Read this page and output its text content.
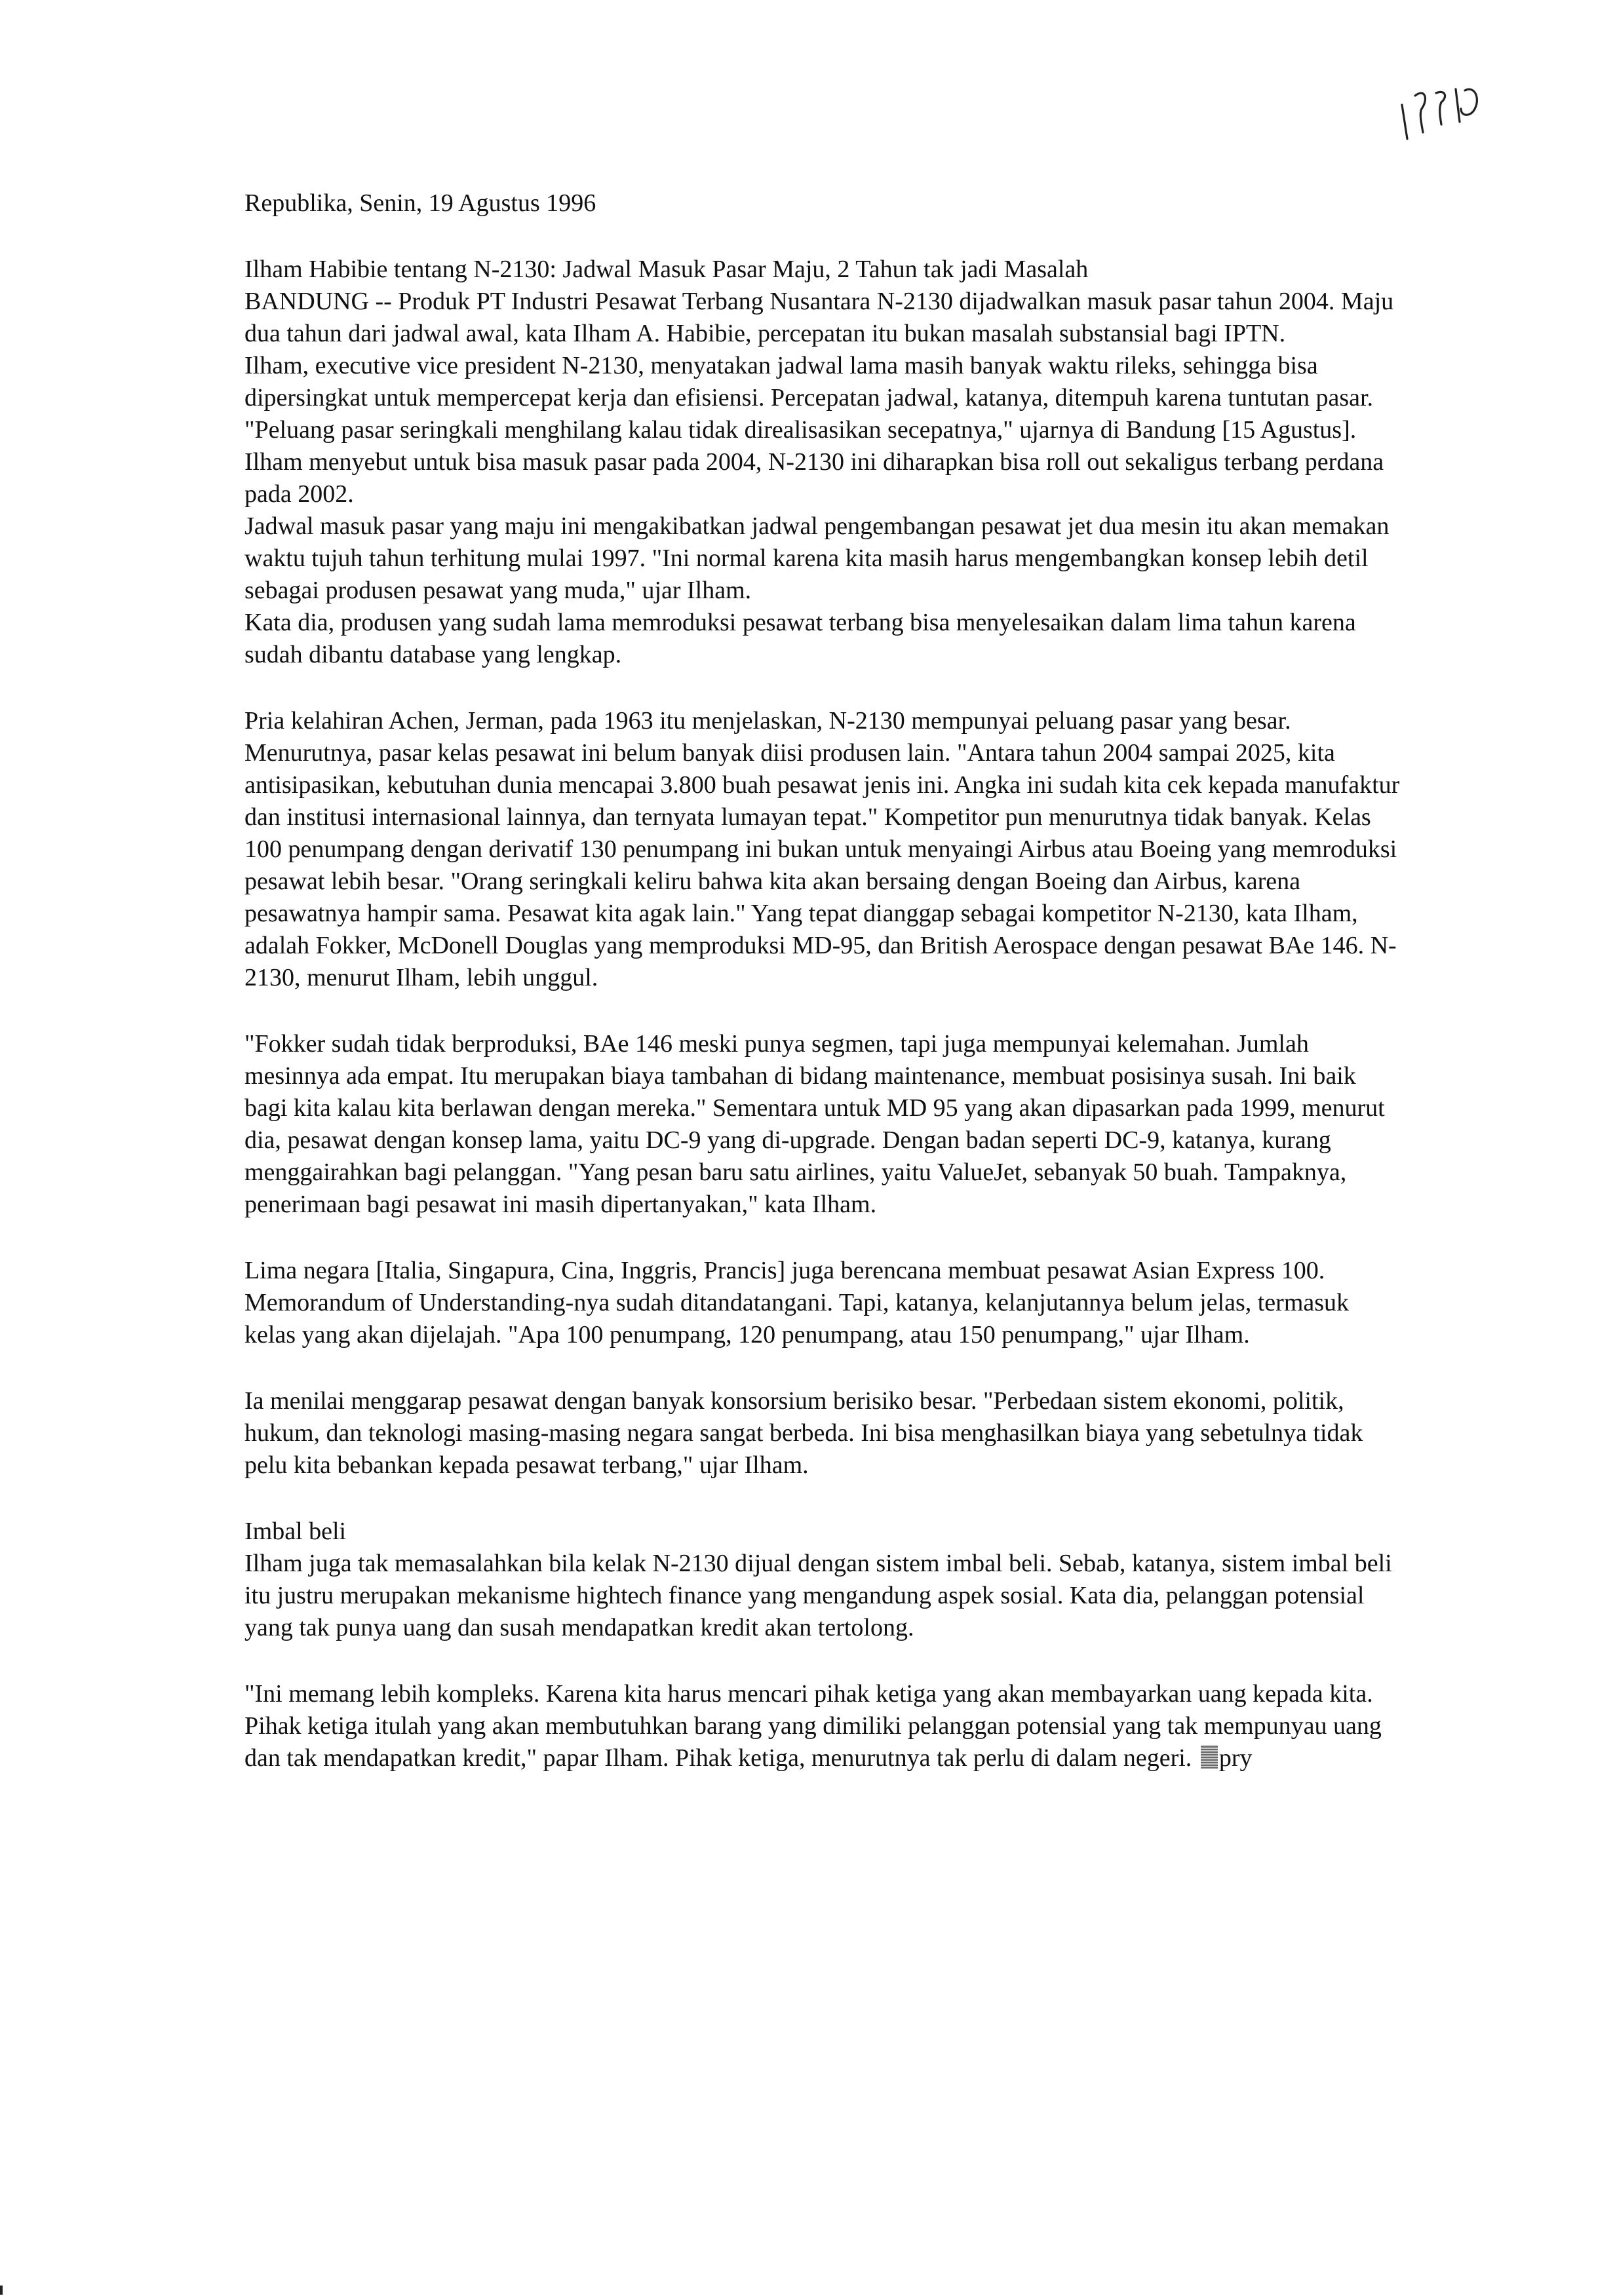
Republika, Senin, 19 Agustus 1996

Ilham Habibie tentang N-2130: Jadwal Masuk Pasar Maju, 2 Tahun tak jadi Masalah

BANDUNG -- Produk PT Industri Pesawat Terbang Nusantara N-2130 dijadwalkan masuk pasar tahun 2004. Maju dua tahun dari jadwal awal, kata Ilham A. Habibie, percepatan itu bukan masalah substansial bagi IPTN.

Ilham, executive vice president N-2130, menyatakan jadwal lama masih banyak waktu rileks, sehingga bisa dipersingkat untuk mempercepat kerja dan efisiensi. Percepatan jadwal, katanya, ditempuh karena tuntutan pasar.

"Peluang pasar seringkali menghilang kalau tidak direalisasikan secepatnya," ujarnya di Bandung [15 Agustus]. Ilham menyebut untuk bisa masuk pasar pada 2004, N-2130 ini diharapkan bisa roll out sekaligus terbang perdana pada 2002.

Jadwal masuk pasar yang maju ini mengakibatkan jadwal pengembangan pesawat jet dua mesin itu akan memakan waktu tujuh tahun terhitung mulai 1997. "Ini normal karena kita masih harus mengembangkan konsep lebih detil sebagai produsen pesawat yang muda," ujar Ilham.

Kata dia, produsen yang sudah lama memroduksi pesawat terbang bisa menyelesaikan dalam lima tahun karena sudah dibantu database yang lengkap.

Pria kelahiran Achen, Jerman, pada 1963 itu menjelaskan, N-2130 mempunyai peluang pasar yang besar. Menurutnya, pasar kelas pesawat ini belum banyak diisi produsen lain. "Antara tahun 2004 sampai 2025, kita antisipasikan, kebutuhan dunia mencapai 3.800 buah pesawat jenis ini. Angka ini sudah kita cek kepada manufaktur dan institusi internasional lainnya, dan ternyata lumayan tepat." Kompetitor pun menurutnya tidak banyak. Kelas 100 penumpang dengan derivatif 130 penumpang ini bukan untuk menyaingi Airbus atau Boeing yang memroduksi pesawat lebih besar. "Orang seringkali keliru bahwa kita akan bersaing dengan Boeing dan Airbus, karena pesawatnya hampir sama. Pesawat kita agak lain." Yang tepat dianggap sebagai kompetitor N-2130, kata Ilham, adalah Fokker, McDonell Douglas yang memproduksi MD-95, dan British Aerospace dengan pesawat BAe 146. N-2130, menurut Ilham, lebih unggul.

"Fokker sudah tidak berproduksi, BAe 146 meski punya segmen, tapi juga mempunyai kelemahan. Jumlah mesinnya ada empat. Itu merupakan biaya tambahan di bidang maintenance, membuat posisinya susah. Ini baik bagi kita kalau kita berlawan dengan mereka." Sementara untuk MD 95 yang akan dipasarkan pada 1999, menurut dia, pesawat dengan konsep lama, yaitu DC-9 yang di-upgrade. Dengan badan seperti DC-9, katanya, kurang menggairahkan bagi pelanggan. "Yang pesan baru satu airlines, yaitu ValueJet, sebanyak 50 buah. Tampaknya, penerimaan bagi pesawat ini masih dipertanyakan," kata Ilham.

Lima negara [Italia, Singapura, Cina, Inggris, Prancis] juga berencana membuat pesawat Asian Express 100. Memorandum of Understanding-nya sudah ditandatangani. Tapi, katanya, kelanjutannya belum jelas, termasuk kelas yang akan dijelajah. "Apa 100 penumpang, 120 penumpang, atau 150 penumpang," ujar Ilham.

Ia menilai menggarap pesawat dengan banyak konsorsium berisiko besar. "Perbedaan sistem ekonomi, politik, hukum, dan teknologi masing-masing negara sangat berbeda. Ini bisa menghasilkan biaya yang sebetulnya tidak pelu kita bebankan kepada pesawat terbang," ujar Ilham.

Imbal beli

Ilham juga tak memasalahkan bila kelak N-2130 dijual dengan sistem imbal beli. Sebab, katanya, sistem imbal beli itu justru merupakan mekanisme hightech finance yang mengandung aspek sosial. Kata dia, pelanggan potensial yang tak punya uang dan susah mendapatkan kredit akan tertolong.

"Ini memang lebih kompleks. Karena kita harus mencari pihak ketiga yang akan membayarkan uang kepada kita. Pihak ketiga itulah yang akan membutuhkan barang yang dimiliki pelanggan potensial yang tak mempunyau uang dan tak mendapatkan kredit," papar Ilham. Pihak ketiga, menurutnya tak perlu di dalam negeri. pry
